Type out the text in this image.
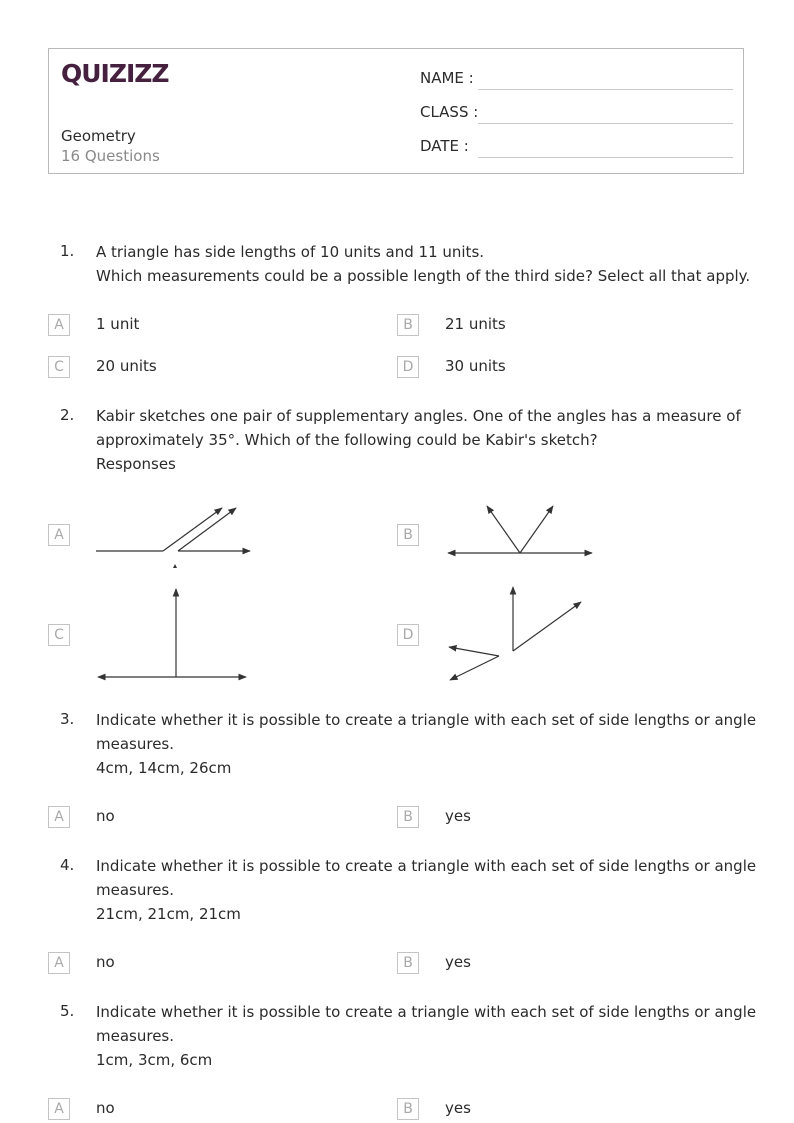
QUIZIZZ
Geometry
16 Questions
NAME :
CLASS :
DATE :
1. A triangle has side lengths of 10 units and 11 units.
Which measurements could be a possible length of the third side? Select all that apply.
A	1 unit	B	21 units
C	20 units	D	30 units
2. Kabir sketches one pair of supplementary angles. One of the angles has a measure of
approximately 35°. Which of the following could be Kabir's sketch?
Responses
A	B
C	D
3. Indicate whether it is possible to create a triangle with each set of side lengths or angle
measures.
4cm, 14cm, 26cm
A	no	B	yes
4. Indicate whether it is possible to create a triangle with each set of side lengths or angle
measures.
21cm, 21cm, 21cm
A	no	B	yes
5. Indicate whether it is possible to create a triangle with each set of side lengths or angle
measures.
1cm, 3cm, 6cm
A	no	B	yes
